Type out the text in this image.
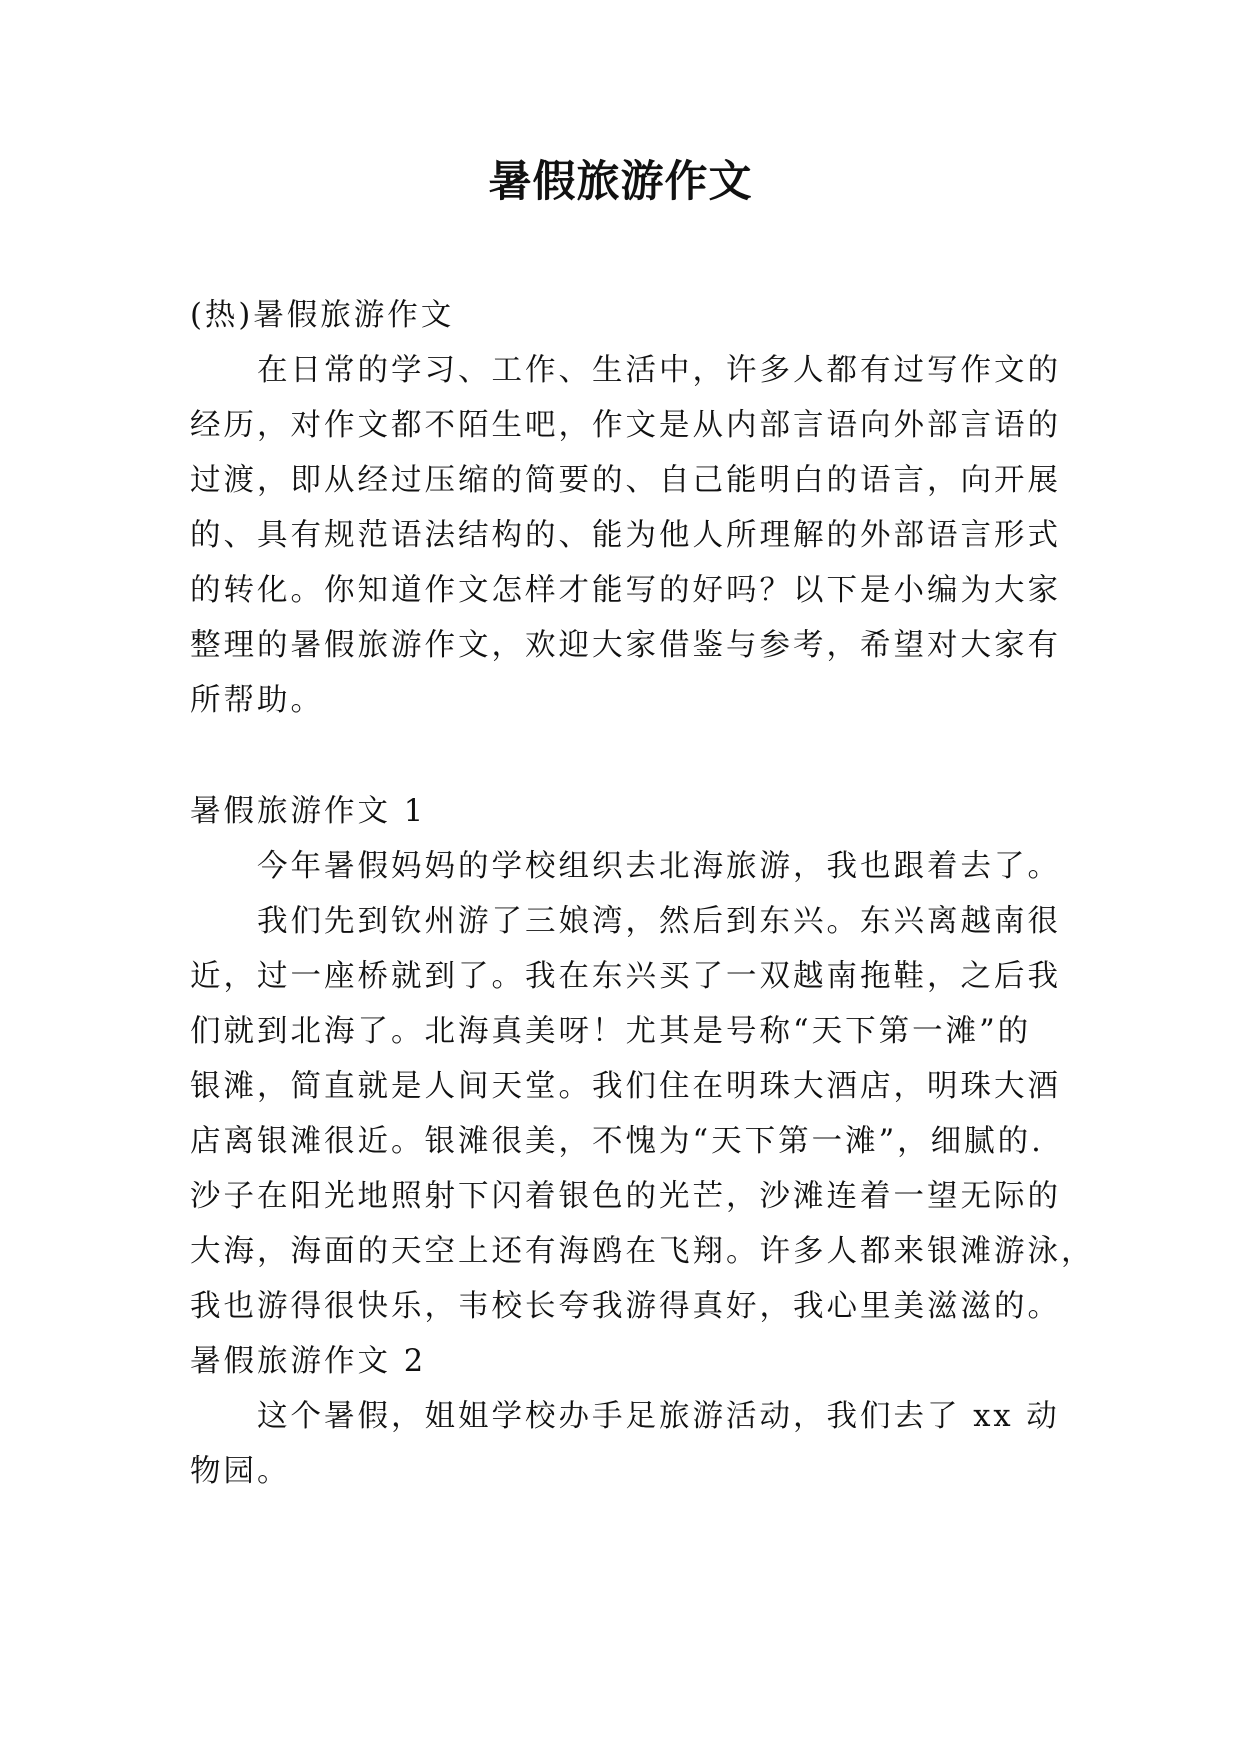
暑假旅游作文
(热)暑假旅游作文
在日常的学习、工作、生活中，许多人都有过写作文的
经历，对作文都不陌生吧，作文是从内部言语向外部言语的
过渡，即从经过压缩的简要的、自己能明白的语言，向开展
的、具有规范语法结构的、能为他人所理解的外部语言形式
的转化。你知道作文怎样才能写的好吗？以下是小编为大家
整理的暑假旅游作文，欢迎大家借鉴与参考，希望对大家有
所帮助。
暑假旅游作文 1
今年暑假妈妈的学校组织去北海旅游，我也跟着去了。
我们先到钦州游了三娘湾，然后到东兴。东兴离越南很
近，过一座桥就到了。我在东兴买了一双越南拖鞋，之后我
们就到北海了。北海真美呀！尤其是号称“天下第一滩”的
银滩，简直就是人间天堂。我们住在明珠大酒店，明珠大酒
店离银滩很近。银滩很美，不愧为“天下第一滩”，细腻的.
沙子在阳光地照射下闪着银色的光芒，沙滩连着一望无际的
大海，海面的天空上还有海鸥在飞翔。许多人都来银滩游泳，
我也游得很快乐，韦校长夸我游得真好，我心里美滋滋的。
暑假旅游作文 2
这个暑假，姐姐学校办手足旅游活动，我们去了 xx 动
物园。
